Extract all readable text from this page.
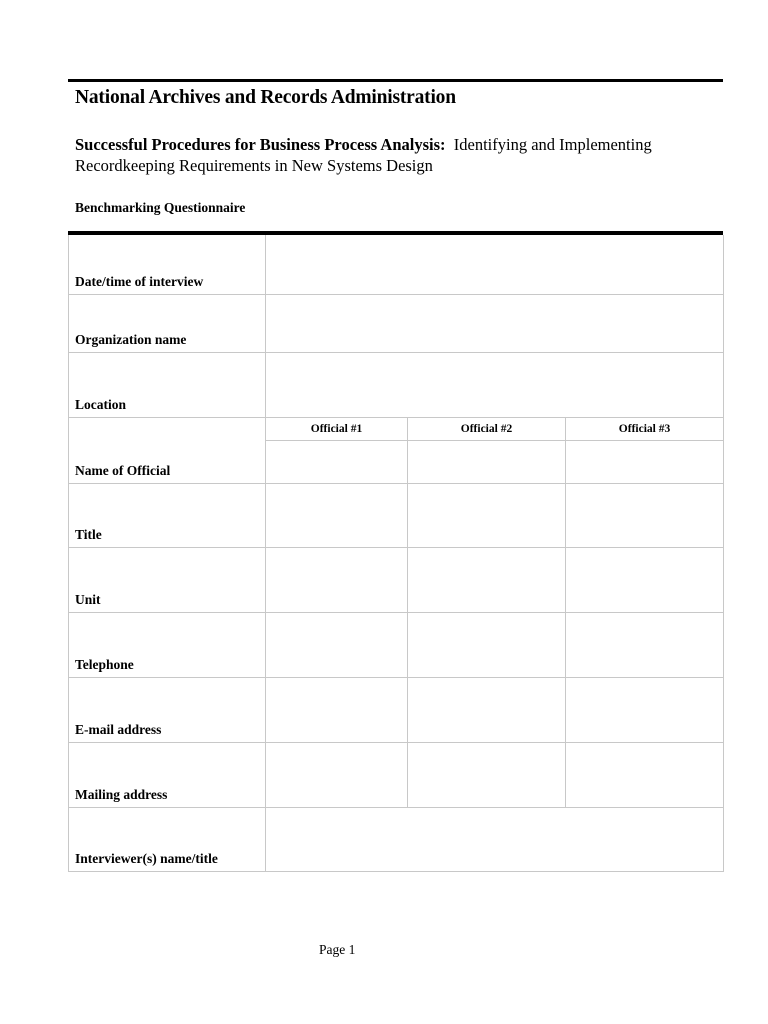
National Archives and Records Administration
Successful Procedures for Business Process Analysis: Identifying and Implementing Recordkeeping Requirements in New Systems Design
Benchmarking Questionnaire
Date/time of interview			

Organization name			

Location			

Name of Official	Official #1	Official #2	Official #3

Title			

Unit			

Telephone			

E-mail address			

Mailing address			

Interviewer(s) name/title			

Page 1
